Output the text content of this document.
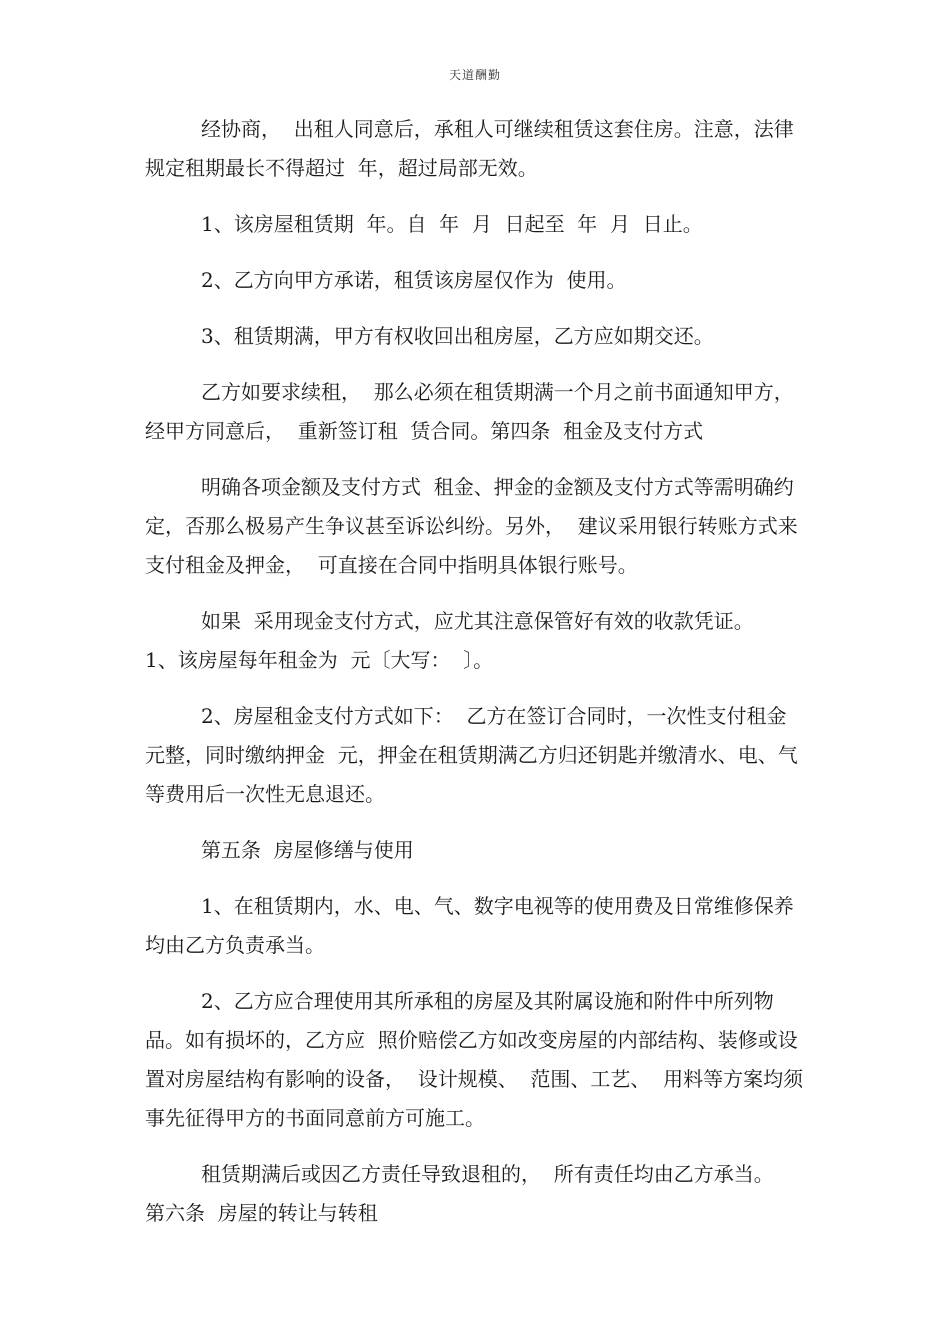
天道酬勤

经协商，  出租人同意后，承租人可继续租赁这套住房。注意，法律规定租期最长不得超过  年，超过局部无效。

1、该房屋租赁期  年。自  年  月  日起至  年  月  日止。

2、乙方向甲方承诺，租赁该房屋仅作为  使用。

3、租赁期满，甲方有权收回出租房屋，乙方应如期交还。

乙方如要求续租，  那么必须在租赁期满一个月之前书面通知甲方，  经甲方同意后，  重新签订租  赁合同。第四条  租金及支付方式

明确各项金额及支付方式  租金、押金的金额及支付方式等需明确约定，否那么极易产生争议甚至诉讼纠纷。另外，  建议采用银行转账方式来支付租金及押金，  可直接在合同中指明具体银行账号。

如果  采用现金支付方式，应尤其注意保管好有效的收款凭证。

1、该房屋每年租金为  元〔大写：  〕。

2、房屋租金支付方式如下：  乙方在签订合同时，一次性支付租金  元整，同时缴纳押金  元，押金在租赁期满乙方归还钥匙并缴清水、电、气等费用后一次性无息退还。

第五条  房屋修缮与使用

1、在租赁期内，水、电、气、数字电视等的使用费及日常维修保养均由乙方负责承当。

2、乙方应合理使用其所承租的房屋及其附属设施和附件中所列物品。如有损坏的，乙方应  照价赔偿乙方如改变房屋的内部结构、装修或设置对房屋结构有影响的设备，  设计规模、  范围、工艺、  用料等方案均须事先征得甲方的书面同意前方可施工。

租赁期满后或因乙方责任导致退租的，  所有责任均由乙方承当。

第六条  房屋的转让与转租
